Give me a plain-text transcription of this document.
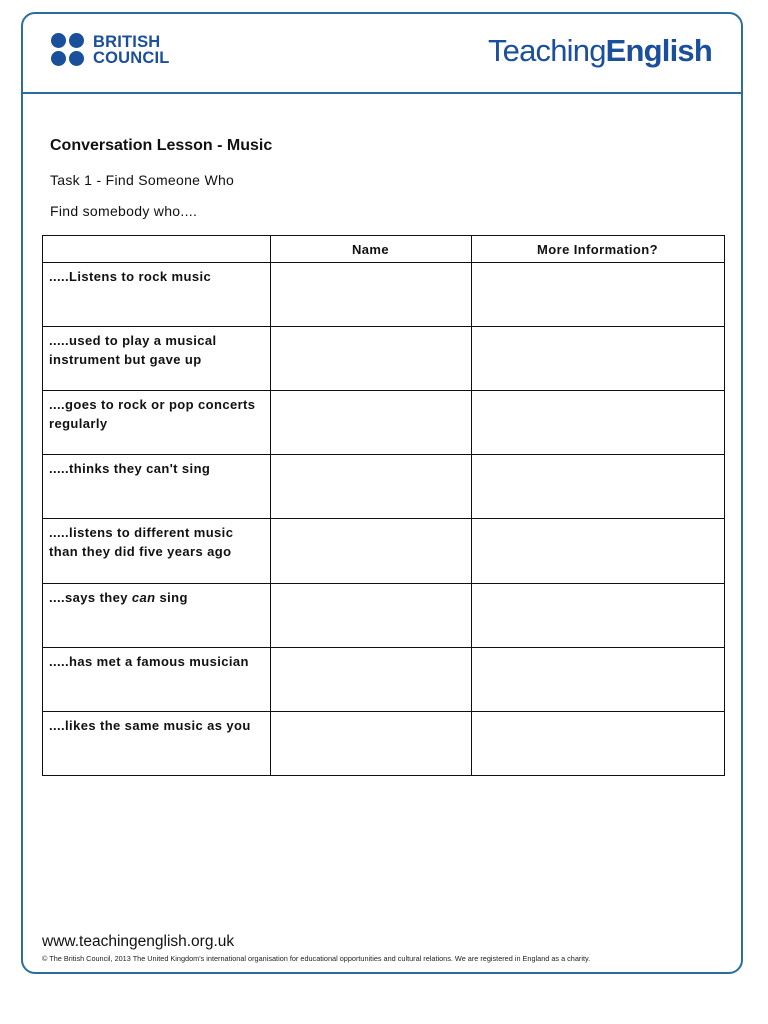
BRITISH
COUNCIL	TeachingEnglish
Conversation Lesson - Music
Task 1 - Find Someone Who
Find somebody who....
	Name	More Information?
.....Listens to rock music		
.....used to play a musical instrument but gave up		
....goes to rock or pop concerts regularly		
.....thinks they can't sing		
.....listens to different music than they did five years ago		
....says they can sing		
.....has met a famous musician		
....likes the same music as you		
www.teachingenglish.org.uk
© The British Council, 2013 The United Kingdom's international organisation for educational opportunities and cultural relations. We are registered in England as a charity.
